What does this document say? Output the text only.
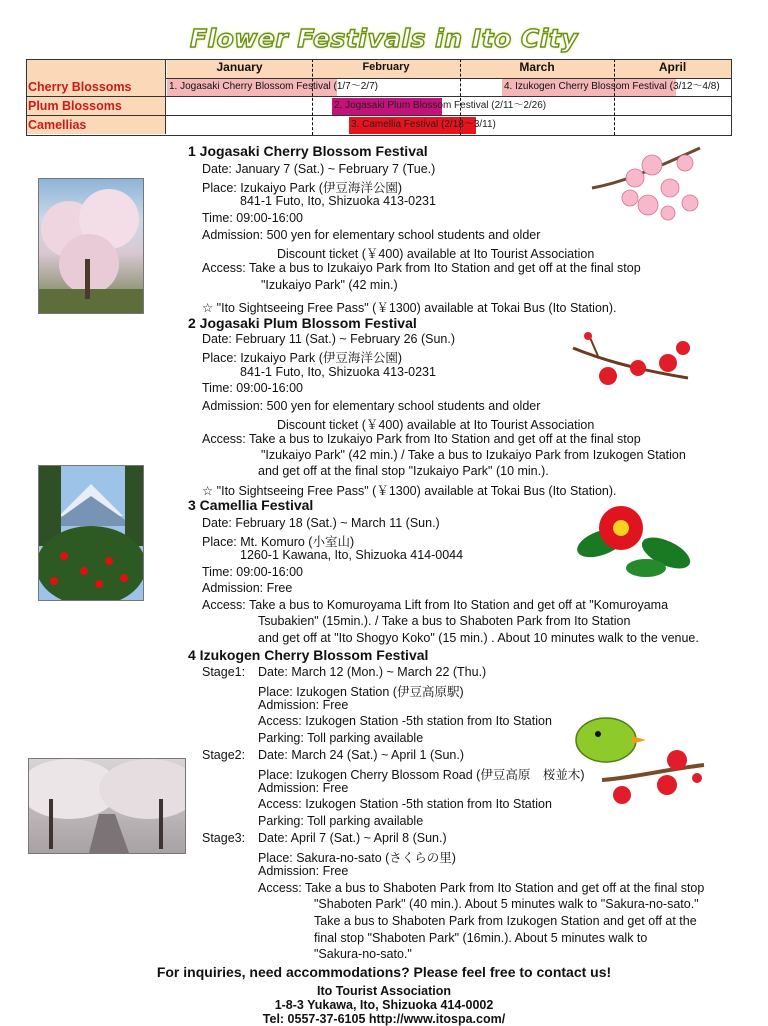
Flower Festivals in Ito City
January	February	March	April
Cherry Blossoms	1. Jogasaki Cherry Blossom Festival (1/7～2/7)	4. Izukogen Cherry Blossom Festival (3/12～4/8)
Plum Blossoms	2. Jogasaki Plum Blossom Festival (2/11～2/26)
Camellias	3. Camellia Festival (2/18～3/11)
1 Jogasaki Cherry Blossom Festival
Date: January 7 (Sat.) ~ February 7 (Tue.)
Place: Izukaiyo Park (伊豆海洋公園)
841-1 Futo, Ito, Shizuoka 413-0231
Time: 09:00-16:00
Admission: 500 yen for elementary school students and older
Discount ticket (￥400) available at Ito Tourist Association
Access: Take a bus to Izukaiyo Park from Ito Station and get off at the final stop
"Izukaiyo Park" (42 min.)
☆ "Ito Sightseeing Free Pass" (￥1300) available at Tokai Bus (Ito Station).
2 Jogasaki Plum Blossom Festival
Date: February 11 (Sat.) ~ February 26 (Sun.)
Place: Izukaiyo Park (伊豆海洋公園)
841-1 Futo, Ito, Shizuoka 413-0231
Time: 09:00-16:00
Admission: 500 yen for elementary school students and older
Discount ticket (￥400) available at Ito Tourist Association
Access: Take a bus to Izukaiyo Park from Ito Station and get off at the final stop
"Izukaiyo Park" (42 min.) / Take a bus to Izukaiyo Park from Izukogen Station
and get off at the final stop "Izukaiyo Park" (10 min.).
☆ "Ito Sightseeing Free Pass" (￥1300) available at Tokai Bus (Ito Station).
3 Camellia Festival
Date: February 18 (Sat.) ~ March 11 (Sun.)
Place: Mt. Komuro (小室山)
1260-1 Kawana, Ito, Shizuoka 414-0044
Time: 09:00-16:00
Admission: Free
Access: Take a bus to Komuroyama Lift from Ito Station and get off at "Komuroyama
Tsubakien" (15min.). / Take a bus to Shaboten Park from Ito Station
and get off at "Ito Shogyo Koko" (15 min.) . About 10 minutes walk to the venue.
4 Izukogen Cherry Blossom Festival
Stage1: Date: March 12 (Mon.) ~ March 22 (Thu.)
Place: Izukogen Station (伊豆高原駅)
Admission: Free
Access: Izukogen Station -5th station from Ito Station
Parking: Toll parking available
Stage2: Date: March 24 (Sat.) ~ April 1 (Sun.)
Place: Izukogen Cherry Blossom Road (伊豆高原　桜並木)
Admission: Free
Access: Izukogen Station -5th station from Ito Station
Parking: Toll parking available
Stage3: Date: April 7 (Sat.) ~ April 8 (Sun.)
Place: Sakura-no-sato (さくらの里)
Admission: Free
Access: Take a bus to Shaboten Park from Ito Station and get off at the final stop
"Shaboten Park" (40 min.). About 5 minutes walk to "Sakura-no-sato."
Take a bus to Shaboten Park from Izukogen Station and get off at the
final stop "Shaboten Park" (16min.). About 5 minutes walk to
"Sakura-no-sato."
For inquiries, need accommodations? Please feel free to contact us!
Ito Tourist Association
1-8-3 Yukawa, Ito, Shizuoka 414-0002
Tel: 0557-37-6105 http://www.itospa.com/
